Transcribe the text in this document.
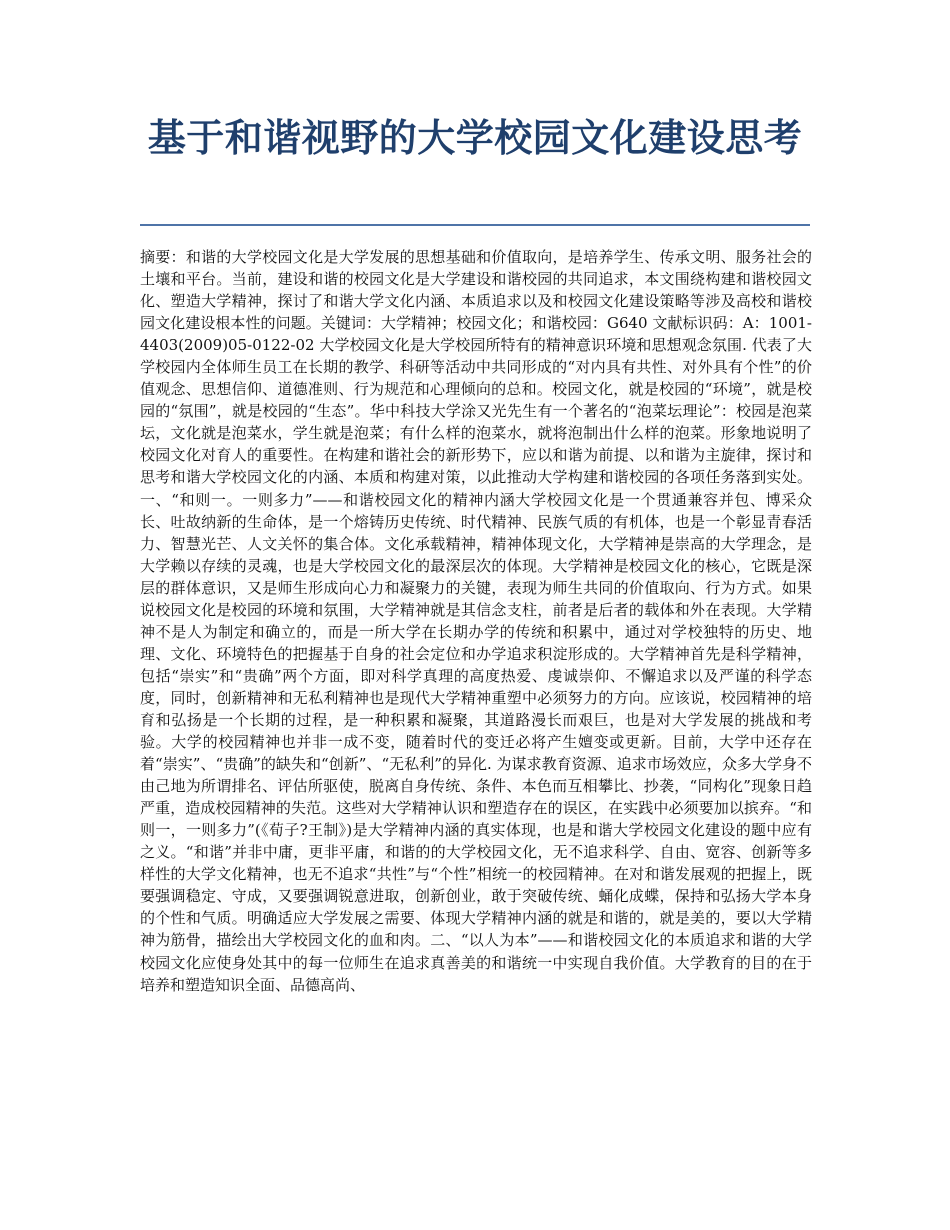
基于和谐视野的大学校园文化建设思考

摘要：和谐的大学校园文化是大学发展的思想基础和价值取向，是培养学生、传承文明、服务社会的土壤和平台。当前，建设和谐的校园文化是大学建设和谐校园的共同追求，本文围绕构建和谐校园文化、塑造大学精神，探讨了和谐大学文化内涵、本质追求以及和校园文化建设策略等涉及高校和谐校园文化建设根本性的问题。关键词：大学精神；校园文化；和谐校园：G640 文献标识码：A：1001-4403(2009)05-0122-02 大学校园文化是大学校园所特有的精神意识环境和思想观念氛围. 代表了大学校园内全体师生员工在长期的教学、科研等活动中共同形成的“对内具有共性、对外具有个性”的价值观念、思想信仰、道德准则、行为规范和心理倾向的总和。校园文化，就是校园的“环境”，就是校园的“氛围”，就是校园的“生态”。华中科技大学涂又光先生有一个著名的“泡菜坛理论”：校园是泡菜坛，文化就是泡菜水，学生就是泡菜；有什么样的泡菜水，就将泡制出什么样的泡菜。形象地说明了校园文化对育人的重要性。在构建和谐社会的新形势下，应以和谐为前提、以和谐为主旋律，探讨和思考和谐大学校园文化的内涵、本质和构建对策，以此推动大学构建和谐校园的各项任务落到实处。一、“和则一。一则多力”——和谐校园文化的精神内涵大学校园文化是一个贯通兼容并包、博采众长、吐故纳新的生命体，是一个熔铸历史传统、时代精神、民族气质的有机体，也是一个彰显青春活力、智慧光芒、人文关怀的集合体。文化承载精神，精神体现文化，大学精神是崇高的大学理念，是大学赖以存续的灵魂，也是大学校园文化的最深层次的体现。大学精神是校园文化的核心，它既是深层的群体意识，又是师生形成向心力和凝聚力的关键，表现为师生共同的价值取向、行为方式。如果说校园文化是校园的环境和氛围，大学精神就是其信念支柱，前者是后者的载体和外在表现。大学精神不是人为制定和确立的，而是一所大学在长期办学的传统和积累中，通过对学校独特的历史、地理、文化、环境特色的把握基于自身的社会定位和办学追求积淀形成的。大学精神首先是科学精神，包括“崇实”和“贵确”两个方面，即对科学真理的高度热爱、虔诚崇仰、不懈追求以及严谨的科学态度，同时，创新精神和无私利精神也是现代大学精神重塑中必须努力的方向。应该说，校园精神的培育和弘扬是一个长期的过程，是一种积累和凝聚，其道路漫长而艰巨，也是对大学发展的挑战和考验。大学的校园精神也并非一成不变，随着时代的变迁必将产生嬗变或更新。目前，大学中还存在着“崇实”、“贵确”的缺失和“创新”、“无私利”的异化. 为谋求教育资源、追求市场效应，众多大学身不由己地为所谓排名、评估所驱使，脱离自身传统、条件、本色而互相攀比、抄袭，“同构化”现象日趋严重，造成校园精神的失范。这些对大学精神认识和塑造存在的误区，在实践中必须要加以摈弃。“和则一，一则多力”(《荀子?王制》)是大学精神内涵的真实体现，也是和谐大学校园文化建设的题中应有之义。“和谐”并非中庸，更非平庸，和谐的的大学校园文化，无不追求科学、自由、宽容、创新等多样性的大学文化精神，也无不追求“共性”与“个性”相统一的校园精神。在对和谐发展观的把握上，既要强调稳定、守成，又要强调锐意进取，创新创业，敢于突破传统、蛹化成蝶，保持和弘扬大学本身的个性和气质。明确适应大学发展之需要、体现大学精神内涵的就是和谐的，就是美的，要以大学精神为筋骨，描绘出大学校园文化的血和肉。二、“以人为本”——和谐校园文化的本质追求和谐的大学校园文化应使身处其中的每一位师生在追求真善美的和谐统一中实现自我价值。大学教育的目的在于培养和塑造知识全面、品德高尚、
